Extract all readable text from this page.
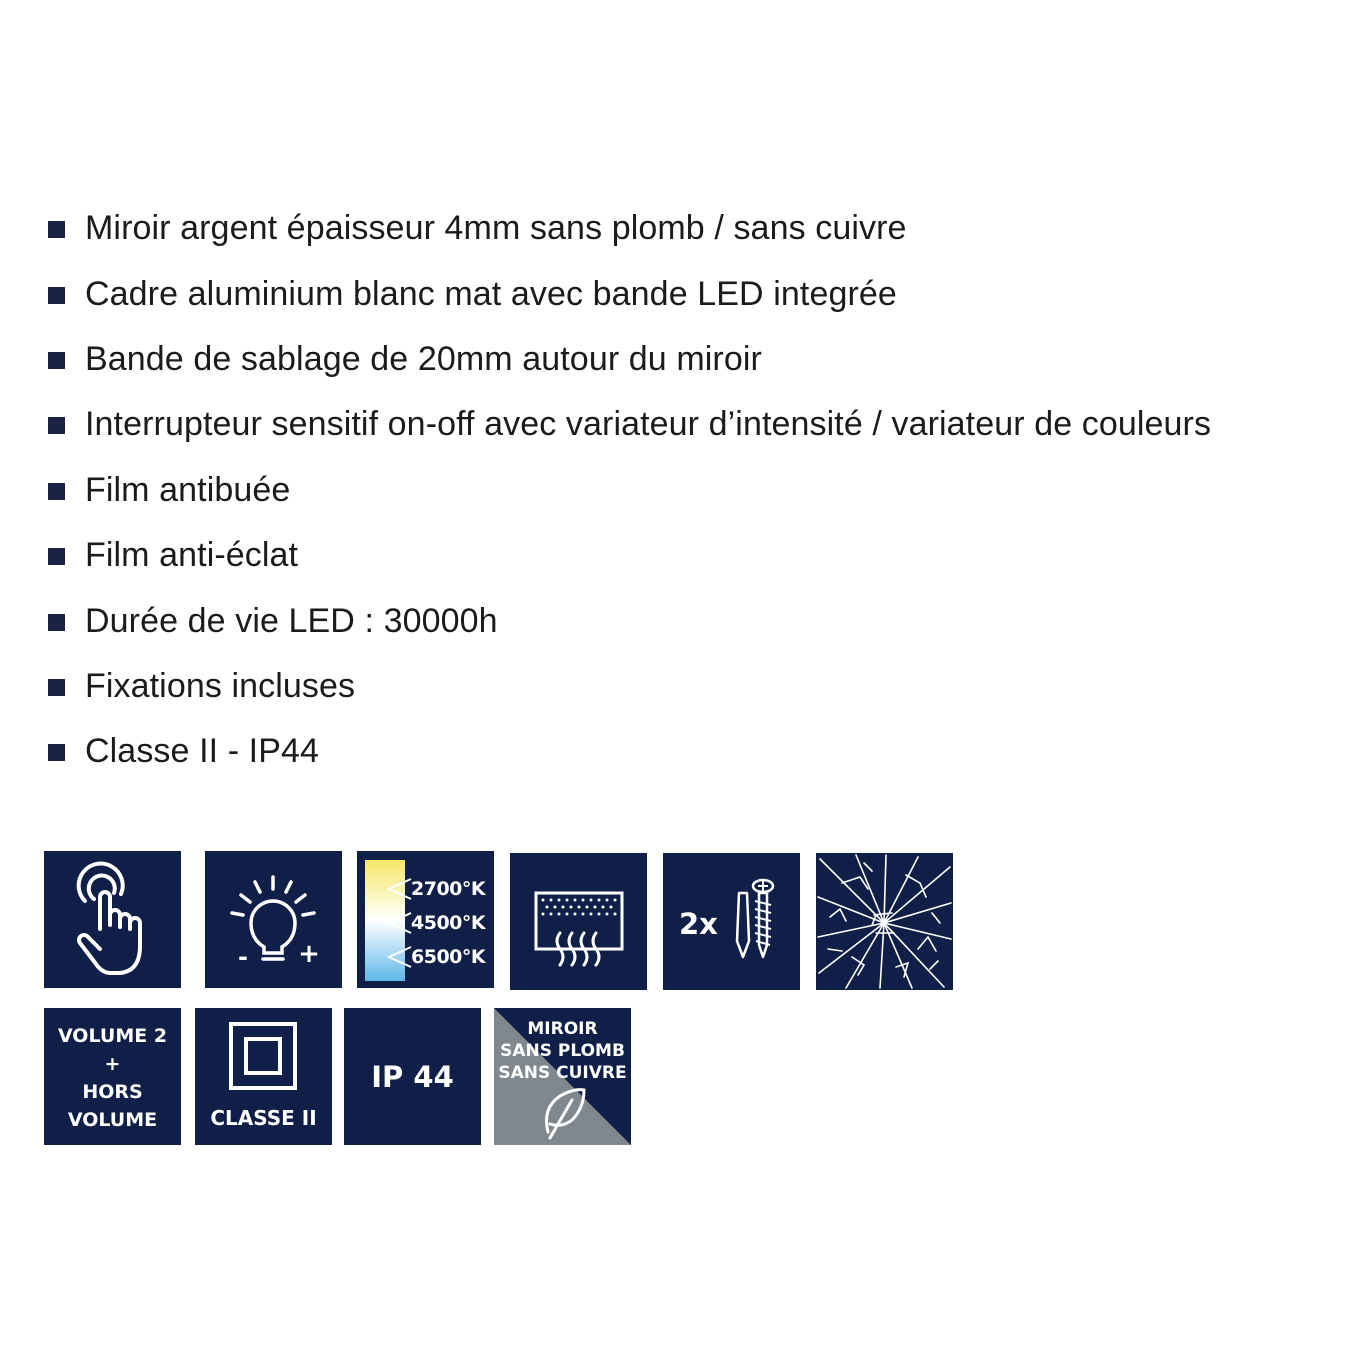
Miroir argent épaisseur 4mm sans plomb / sans cuivre
Cadre aluminium blanc mat avec bande LED integrée
Bande de sablage de 20mm autour du miroir
Interrupteur sensitif on-off avec variateur d’intensité / variateur de couleurs
Film antibuée
Film anti-éclat
Durée de vie LED : 30000h
Fixations incluses
Classe II - IP44
- +
2700°K
4500°K
6500°K
2x
VOLUME 2
+
HORS
VOLUME	CLASSE II
IP 44
MIROIR
SANS PLOMB
SANS CUIVRE
